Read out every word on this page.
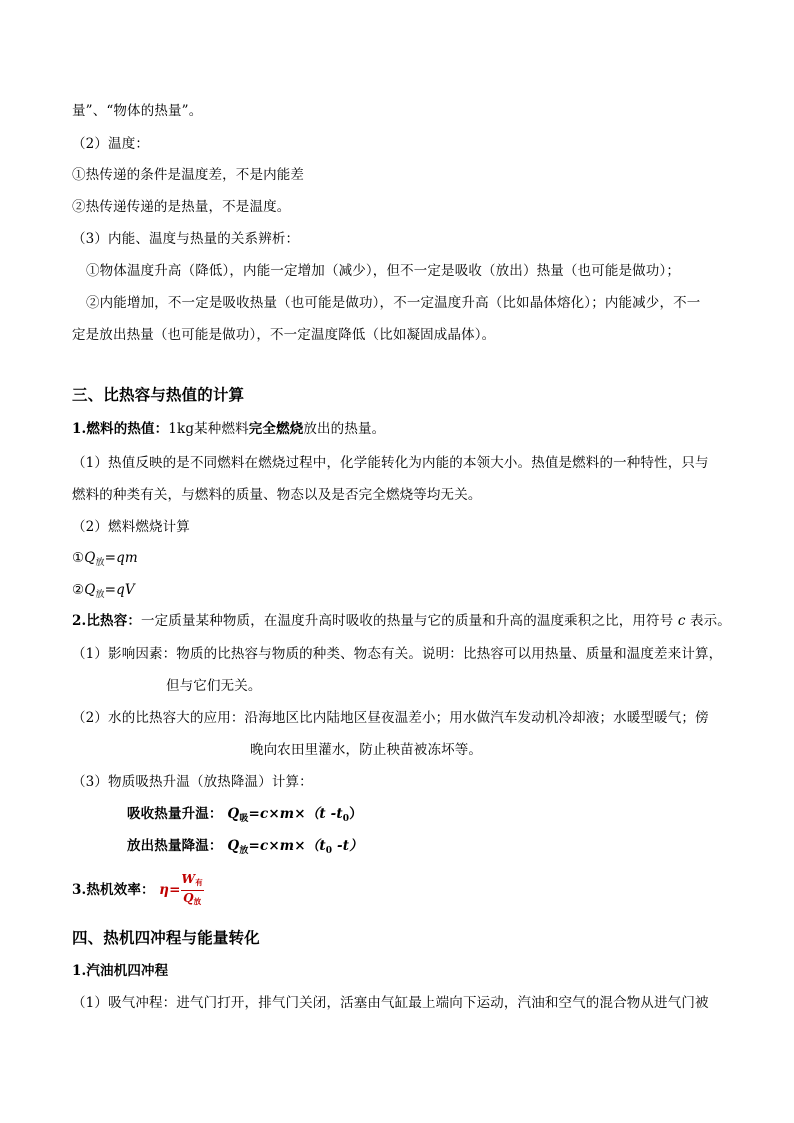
量”、“物体的热量”。
（2）温度：
①热传递的条件是温度差，不是内能差
②热传递传递的是热量，不是温度。
（3）内能、温度与热量的关系辨析：
①物体温度升高（降低），内能一定增加（减少），但不一定是吸收（放出）热量（也可能是做功）；
②内能增加，不一定是吸收热量（也可能是做功），不一定温度升高（比如晶体熔化）；内能减少，不一
定是放出热量（也可能是做功），不一定温度降低（比如凝固成晶体）。
三、比热容与热值的计算
1.燃料的热值：1kg某种燃料完全燃烧放出的热量。
（1）热值反映的是不同燃料在燃烧过程中，化学能转化为内能的本领大小。热值是燃料的一种特性，只与
燃料的种类有关，与燃料的质量、物态以及是否完全燃烧等均无关。
（2）燃料燃烧计算
$①Q_放=qm$
$②Q_放=qV$
2.比热容：一定质量某种物质，在温度升高时吸收的热量与它的质量和升高的温度乘积之比，用符号 c 表示。
（1）影响因素：物质的比热容与物质的种类、物态有关。说明：比热容可以用热量、质量和温度差来计算，
但与它们无关。
（2）水的比热容大的应用：沿海地区比内陆地区昼夜温差小；用水做汽车发动机冷却液；水暖型暖气；傍
晚向农田里灌水，防止秧苗被冻坏等。
（3）物质吸热升温（放热降温）计算：
吸收热量升温： $Q_吸=c\times m\times(t$ $-t_0$）
放出热量降温： $Q_放=c\times m\times(t_0$ -t）
3.热机效率： $\eta= \frac{W_有}{Q_放}$
四、热机四冲程与能量转化
1.汽油机四冲程
（1）吸气冲程：进气门打开，排气门关闭，活塞由气缸最上端向下运动，汽油和空气的混合物从进气门被
